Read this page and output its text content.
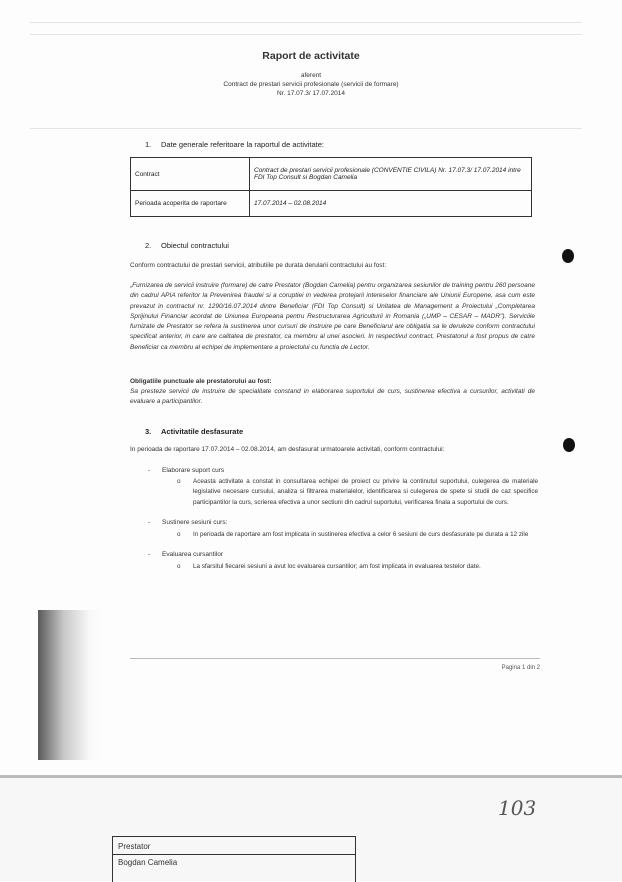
Raport de activitate
aferent
Contract de prestari servicii profesionale (servicii de formare)
Nr. 17.07.3/ 17.07.2014
1. Date generale referitoare la raportul de activitate:
Contract	Contract de prestari servicii profesionale (CONVENTIE CIVILA) Nr. 17.07.3/ 17.07.2014 intre FDI Top Consult si Bogdan Camelia
Perioada acoperita de raportare	17.07.2014 – 02.08.2014
2. Obiectul contractului
Conform contractului de prestari servicii, atributiile pe durata derularii contractului au fost:
„Furnizarea de servicii instruire (formare) de catre Prestator (Bogdan Camelia) pentru organizarea sesiunilor de training pentru 260 persoane din cadrul APIA referitor la Prevenirea fraudei si a coruptiei in vederea protejarii intereselor financiare ale Uniunii Europene, asa cum este prevazut in contractul nr. 1290/16.07.2014 dintre Beneficiar (FDI Top Consult) si Unitatea de Management a Proiectului „Completarea Sprijinului Financiar acordat de Uniunea Europeana pentru Restructurarea Agriculturii in Romania („UMP – CESAR – MADR"). Serviciile furnizate de Prestator se refera la sustinerea unor cursuri de instruire pe care Beneficiarul are obligatia sa le deruleze conform contractului specificat anterior, in care are calitatea de prestator, ca membru al unei asocieri. In respectivul contract, Prestatorul a fost propus de catre Beneficiar ca membru al echipei de implementare a proiectului cu functia de Lector.
Obligatiile punctuale ale prestatorului au fost:
Sa presteze servicii de instruire de specialitate constand in elaborarea suportului de curs, sustinerea efectiva a cursurilor, activitati de evaluare a participantilor.
3. Activitatile desfasurate
In perioada de raportare 17.07.2014 – 02.08.2014, am desfasurat urmatoarele activitati, conform contractului:
- Elaborare suport curs
o Aceasta activitate a constat in consultarea echipei de proiect cu privire la continutul suportului, culegerea de materiale legislative necesare cursului, analiza si filtrarea materialelor, identificarea si culegerea de spete si studii de caz specifice participantilor la curs, scrierea efectiva a unor sectiuni din cadrul suportului, verificarea finala a suportului de curs.
- Sustinere sesiuni curs:
o In perioada de raportare am fost implicata in sustinerea efectiva a celor 6 sesiuni de curs desfasurate pe durata a 12 zile
- Evaluarea cursantilor
o La sfarsitul fiecarei sesiuni a avut loc evaluarea cursantilor; am fost implicata in evaluarea testelor date.
Pagina 1 din 2
103
Prestator
Bogdan Camelia
